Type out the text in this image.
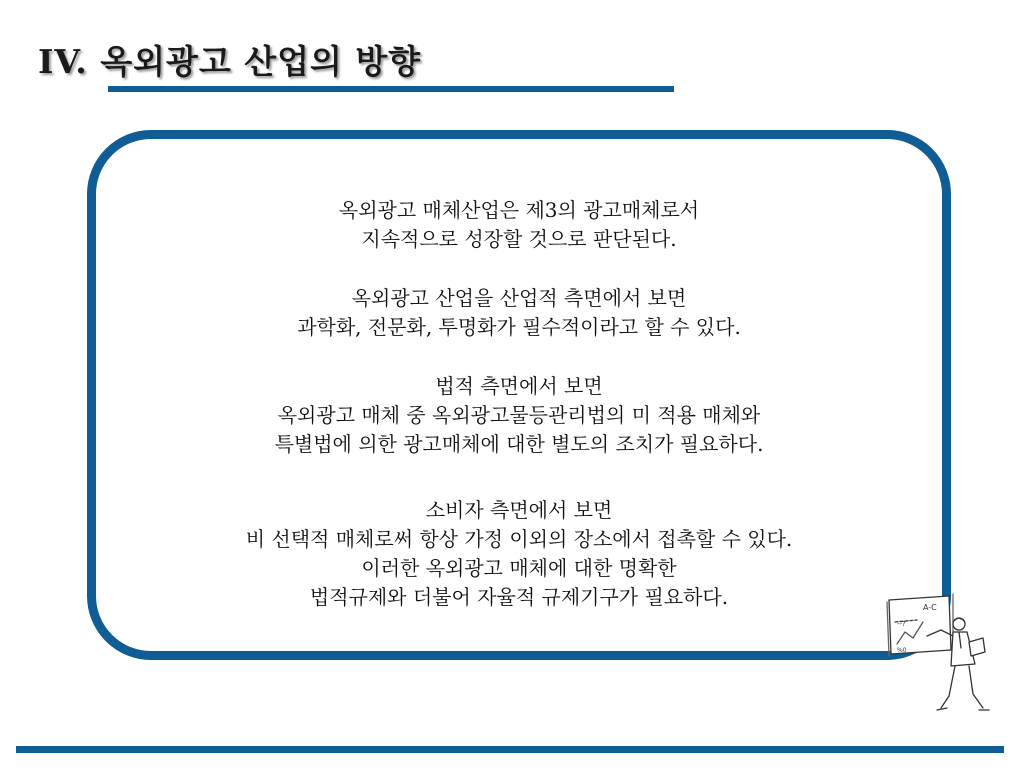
IV. 옥외광고 산업의 방향
옥외광고 매체산업은 제3의 광고매체로서
지속적으로 성장할 것으로 판단된다.
옥외광고 산업을 산업적 측면에서 보면
과학화, 전문화, 투명화가 필수적이라고 할 수 있다.
법적 측면에서 보면
옥외광고 매체 중 옥외광고물등관리법의 미 적용 매체와
특별법에 의한 광고매체에 대한 별도의 조치가 필요하다.
소비자 측면에서 보면
비 선택적 매체로써 항상 가정 이외의 장소에서 접촉할 수 있다.
이러한 옥외광고 매체에 대한 명확한
법적규제와 더불어 자율적 규제기구가 필요하다.	A-C
--?
%0
